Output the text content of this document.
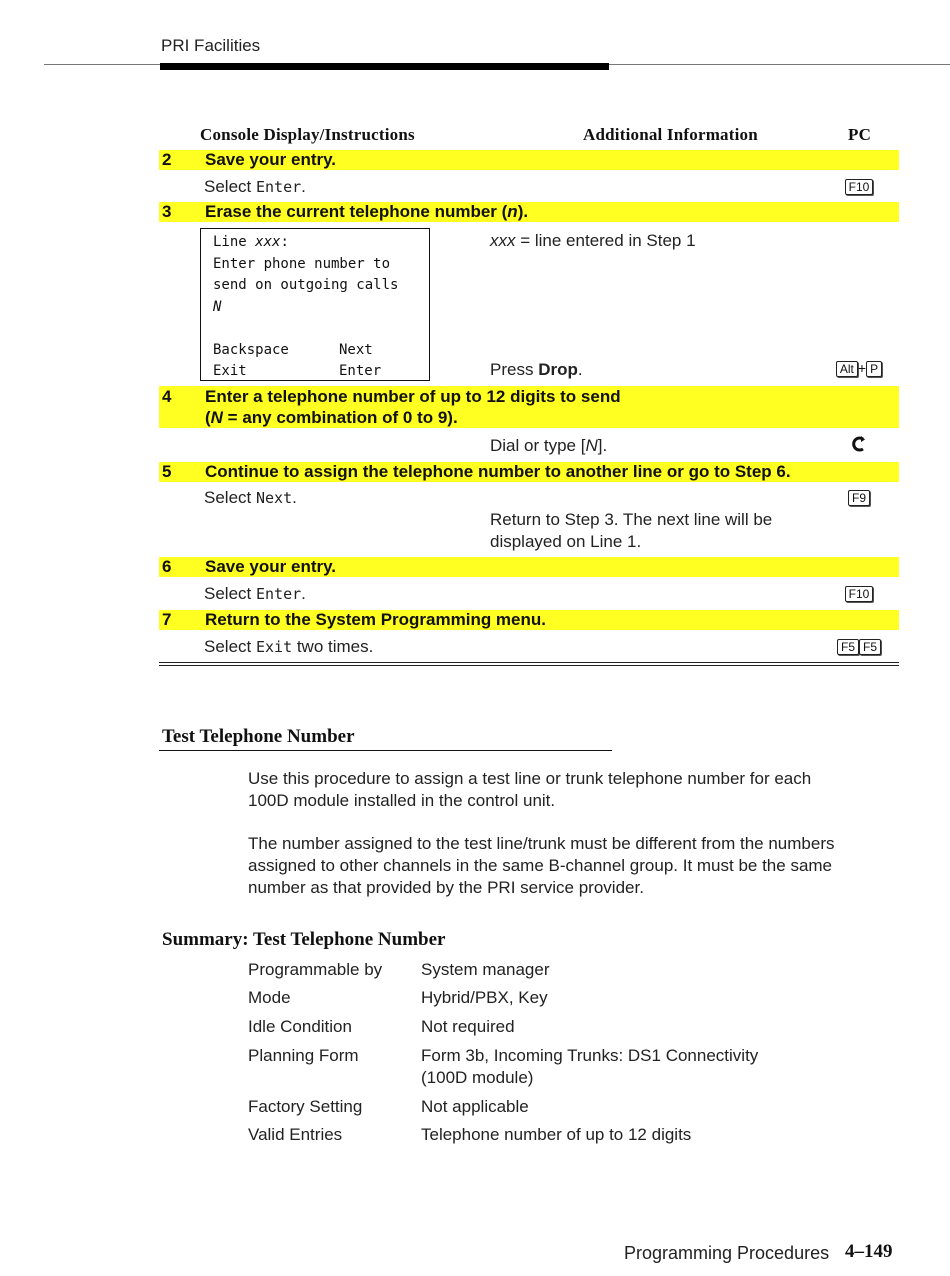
PRI Facilities
Console Display/Instructions	Additional Information	PC
2 Save your entry.
Select Enter.	F10
3 Erase the current telephone number (n).
Line xxx:
Enter phone number to
send on outgoing calls
N
Backspace	Next
Exit	Enter
xxx = line entered in Step 1
Press Drop.	Alt + P
4 Enter a telephone number of up to 12 digits to send
(N = any combination of 0 to 9).
Dial or type [N].
5 Continue to assign the telephone number to another line or go to Step 6.
Select Next.	F9
Return to Step 3. The next line will be
displayed on Line 1.
6 Save your entry.
Select Enter.	F10
7 Return to the System Programming menu.
Select Exit two times.	F5 F5
Test Telephone Number
Use this procedure to assign a test line or trunk telephone number for each
100D module installed in the control unit.
The number assigned to the test line/trunk must be different from the numbers
assigned to other channels in the same B-channel group. It must be the same
number as that provided by the PRI service provider.
Summary: Test Telephone Number
Programmable by System manager
Mode	Hybrid/PBX, Key
Idle Condition	Not required
Planning Form	Form 3b, Incoming Trunks: DS1 Connectivity
(100D module)
Factory Setting	Not applicable
Valid Entries	Telephone number of up to 12 digits
Programming Procedures 4–149
